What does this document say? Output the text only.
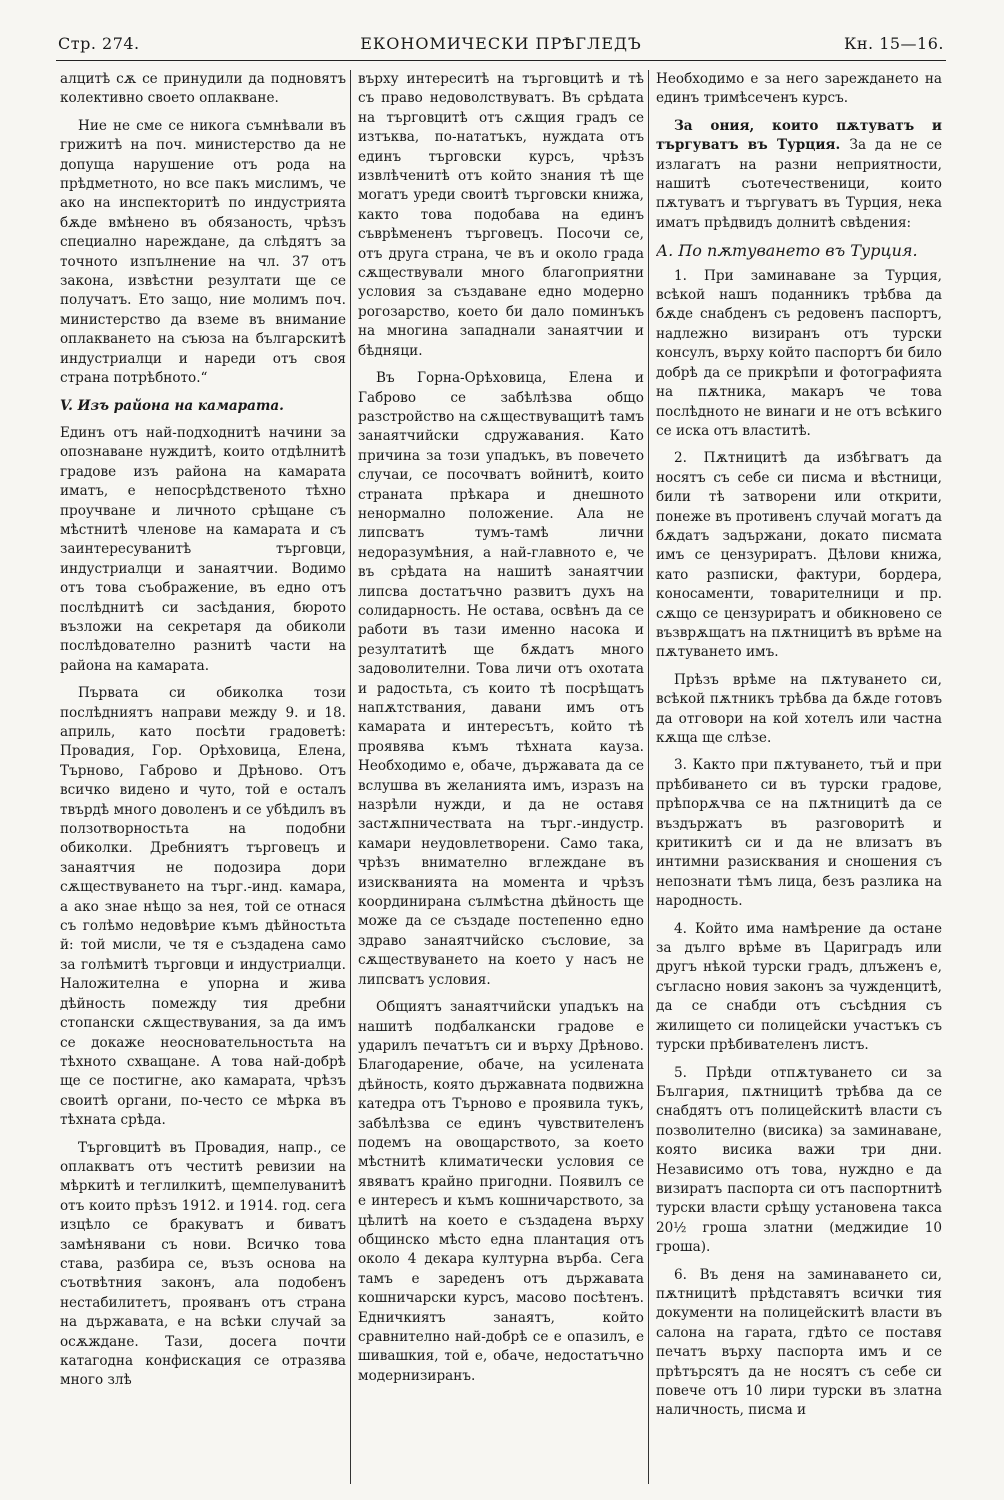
Стр. 274.	ЕКОНОМИЧЕСКИ ПРѢГЛЕДЪ	Кн. 15—16.

алцитѣ сѫ се принудили да подновятъ колективно своето оплакване.

Ние не сме се никога съмнѣвали въ грижитѣ на поч. министерство да не допуща нарушение отъ рода на прѣдметното, но все пакъ мислимъ, че ако на инспекторитѣ по индустрията бѫде вмѣнено въ обязаность, чрѣзъ специално нареждане, да слѣдятъ за точното изпълнение на чл. 37 отъ закона, извѣстни резултати ще се получатъ. Ето защо, ние молимъ поч. министерство да вземе въ внимание оплакването на съюза на българскитѣ индустриалци и нареди отъ своя страна потрѣбното.“

V. Изъ района на камарата.

Единъ отъ най-подходнитѣ начини за опознаване нуждитѣ, които отдѣлнитѣ градове изъ района на камарата иматъ, е непосрѣдственото тѣхно проучване и личното срѣщане съ мѣстнитѣ членове на камарата и съ заинтересуванитѣ търговци, индустриалци и занаятчии. Водимо отъ това съображение, въ едно отъ послѣднитѣ си засѣдания, бюрото възложи на секретаря да обиколи послѣдователно разнитѣ части на района на камарата.

Първата си обиколка този послѣдниятъ направи между 9. и 18. априль, като посѣти градоветѣ: Провадия, Гор. Орѣховица, Елена, Търново, Габрово и Дрѣново. Отъ всичко видено и чуто, той е осталъ твърдѣ много доволенъ и се убѣдилъ въ ползотворностьта на подобни обиколки. Дребниятъ търговецъ и занаятчия не подозира дори сѫществуването на търг.-инд. камара, а ако знае нѣщо за нея, той се отнася съ голѣмо недовѣрие къмъ дѣйностьта й: той мисли, че тя е създадена само за голѣмитѣ търговци и индустриалци. Наложителна е упорна и жива дѣйность помежду тия дребни стопански сѫществувания, за да имъ се докаже неосновательностьта на тѣхното схващане. А това най-добрѣ ще се постигне, ако камарата, чрѣзъ своитѣ органи, по-често се мѣрка въ тѣхната срѣда.

Търговцитѣ въ Провадия, напр., се оплакватъ отъ честитѣ ревизии на мѣркитѣ и теглилкитѣ, щемпелуванитѣ отъ които прѣзъ 1912. и 1914. год. сега изцѣло се бракуватъ и биватъ замѣнявани съ нови. Всичко това става, разбира се, възъ основа на съотвѣтния законъ, ала подобенъ нестабилитетъ, прояванъ отъ страна на държавата, е на всѣки случай за осѫждане. Тази, досега почти катагодна конфискация се отразява много злѣ

върху интереситѣ на търговцитѣ и тѣ съ право недоволствуватъ. Въ срѣдата на търговцитѣ отъ сѫщия градъ се изтъква, по-нататъкъ, нуждата отъ единъ търговски курсъ, чрѣзъ извлѣченитѣ отъ който знания тѣ ще могатъ уреди своитѣ търговски книжа, както това подобава на единъ съврѣмененъ търговецъ. Посочи се, отъ друга страна, че въ и около града сѫществували много благоприятни условия за създаване едно модерно рогозарство, което би дало поминъкъ на многина западнали занаятчии и бѣдняци.

Въ Горна-Орѣховица, Елена и Габрово се забѣлѣзва общо разстройство на сѫществуващитѣ тамъ занаятчийски сдружавания. Като причина за този упадъкъ, въ повечето случаи, се посочватъ войнитѣ, които страната прѣкара и днешното ненормално положение. Ала не липсватъ тумъ-тамѣ лични недоразумѣния, а най-главното е, че въ срѣдата на нашитѣ занаятчии липсва достатъчно развитъ духъ на солидарность. Не остава, освѣнъ да се работи въ тази именно насока и резултатитѣ ще бѫдатъ много задоволителни. Това личи отъ охотата и радостьта, съ които тѣ посрѣщатъ напѫтствания, давани имъ отъ камарата и интересътъ, който тѣ проявява къмъ тѣхната кауза. Необходимо е, обаче, държавата да се вслушва въ желанията имъ, изразъ на назрѣли нужди, и да не оставя застѫпничествата на търг.-индустр. камари неудовлетворени. Само така, чрѣзъ внимателно вглеждане въ изискванията на момента и чрѣзъ координирана сълмѣстна дѣйность ще може да се създаде постепенно едно здраво занаятчийско съсловие, за сѫществуването на което у насъ не липсватъ условия.

Общиятъ занаятчийски упадъкъ на нашитѣ подбалкански градове е ударилъ печатътъ си и върху Дрѣново. Благодарение, обаче, на усилената дѣйность, която държавната подвижна катедра отъ Търново е проявила тукъ, забѣлѣзва се единъ чувствителенъ подемъ на овощарството, за което мѣстнитѣ климатически условия се явяватъ крайно пригодни. Появилъ се е интересъ и къмъ кошничарството, за цѣлитѣ на което е създадена върху общинско мѣсто една плантация отъ около 4 декара културна върба. Сега тамъ е зареденъ отъ държавата кошничарски курсъ, масово посѣтенъ. Едничкиятъ занаятъ, който сравнително най-добрѣ се е опазилъ, е шивашкия, той е, обаче, недостатъчно модернизиранъ.

Необходимо е за него зареждането на единъ тримѣсеченъ курсъ.

За ония, които пѫтуватъ и търгуватъ въ Турция. За да не се излагатъ на разни неприятности, нашитѣ съотечественици, които пѫтуватъ и търгуватъ въ Турция, нека иматъ прѣдвидъ долнитѣ свѣдения:

А. По пѫтуването въ Турция.

1. При заминаване за Турция, всѣкой нашъ поданникъ трѣбва да бѫде снабденъ съ редовенъ паспортъ, надлежно визиранъ отъ турски консулъ, върху който паспортъ би било добрѣ да се прикрѣпи и фотографията на пѫтника, макаръ че това послѣдното не винаги и не отъ всѣкиго се иска отъ властитѣ.

2. Пѫтницитѣ да избѣгватъ да носятъ съ себе си писма и вѣстници, били тѣ затворени или открити, понеже въ противенъ случай могатъ да бѫдатъ задържани, докато писмата имъ се цензуриратъ. Дѣлови книжа, като разписки, фактури, бордера, коносаменти, товарителници и пр. сѫщо се цензуриратъ и обикновено се възврѫщатъ на пѫтницитѣ въ врѣме на пѫтуването имъ.

Прѣзъ врѣме на пѫтуването си, всѣкой пѫтникъ трѣбва да бѫде готовъ да отговори на кой хотелъ или частна кѫща ще слѣзе.

3. Както при пѫтуването, тъй и при прѣбиването си въ турски градове, прѣпорѫчва се на пѫтницитѣ да се въздържатъ въ разговоритѣ и критикитѣ си и да не влизатъ въ интимни разисквания и сношения съ непознати тѣмъ лица, безъ разлика на народность.

4. Който има намѣрение да остане за дълго врѣме въ Цариградъ или другъ нѣкой турски градъ, длъженъ е, съгласно новия законъ за чужденцитѣ, да се снабди отъ съсѣдния съ жилището си полицейски участъкъ съ турски прѣбивателенъ листъ.

5. Прѣди отпѫтуването си за България, пѫтницитѣ трѣбва да се снабдятъ отъ полицейскитѣ власти съ позволително (висика) за заминаване, която висика важи три дни. Независимо отъ това, нуждно е да визиратъ паспорта си отъ паспортнитѣ турски власти срѣщу установена такса 20½ гроша златни (меджидие 10 гроша).

6. Въ деня на заминаването си, пѫтницитѣ прѣдставятъ всички тия документи на полицейскитѣ власти въ салона на гарата, гдѣто се поставя печатъ върху паспорта имъ и се прѣтърсятъ да не носятъ съ себе си повече отъ 10 лири турски въ златна наличность, писма и
